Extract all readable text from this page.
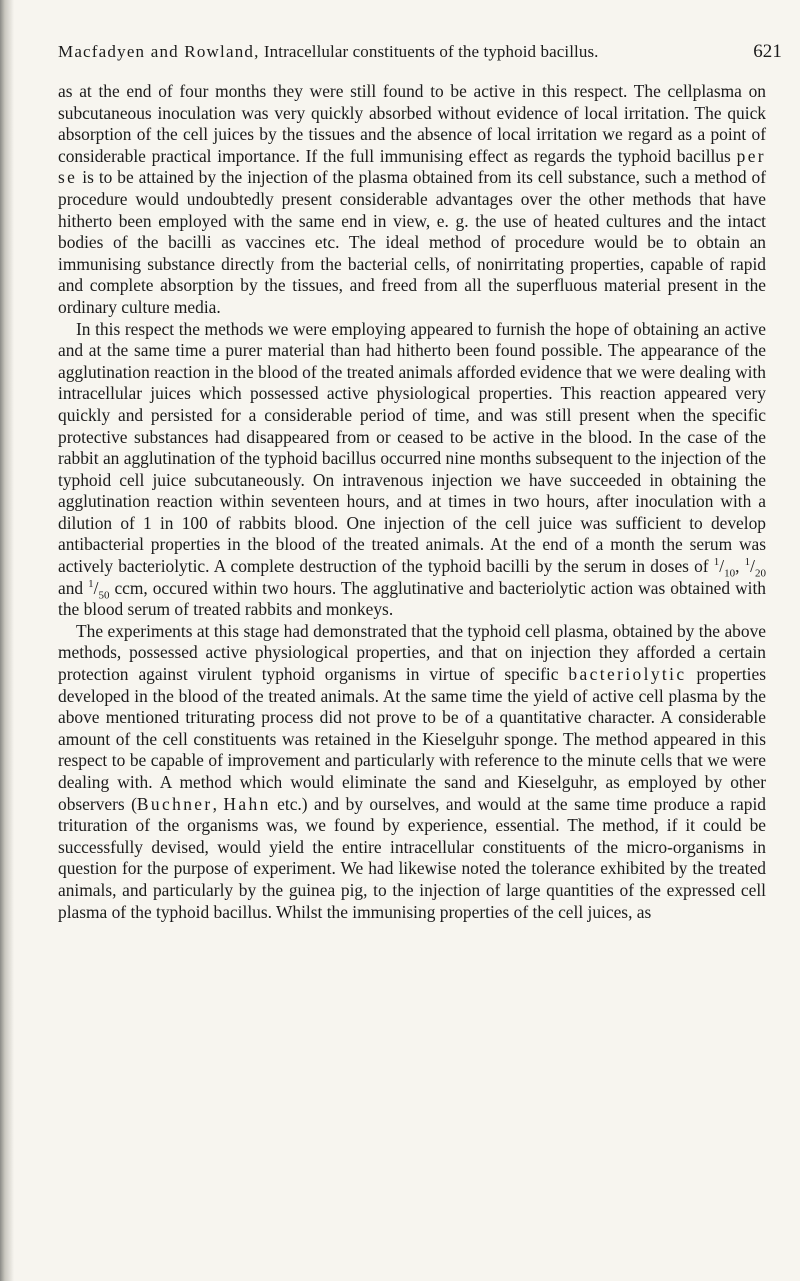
Macfadyen and Rowland, Intracellular constituents of the typhoid bacillus.	621

as at the end of four months they were still found to be active in this respect. The cellplasma on subcutaneous inoculation was very quickly absorbed without evidence of local irritation. The quick absorption of the cell juices by the tissues and the absence of local irritation we regard as a point of considerable practical importance. If the full immunising effect as regards the typhoid bacillus per se is to be attained by the injection of the plasma obtained from its cell substance, such a method of procedure would undoubtedly present considerable advantages over the other methods that have hitherto been employed with the same end in view, e. g. the use of heated cultures and the intact bodies of the bacilli as vaccines etc. The ideal method of procedure would be to obtain an immunising substance directly from the bacterial cells, of nonirritating properties, capable of rapid and complete absorption by the tissues, and freed from all the superfluous material present in the ordinary culture media.

In this respect the methods we were employing appeared to furnish the hope of obtaining an active and at the same time a purer material than had hitherto been found possible. The appearance of the agglutination reaction in the blood of the treated animals afforded evidence that we were dealing with intracellular juices which possessed active physiological properties. This reaction appeared very quickly and persisted for a considerable period of time, and was still present when the specific protective substances had disappeared from or ceased to be active in the blood. In the case of the rabbit an agglutination of the typhoid bacillus occurred nine months subsequent to the injection of the typhoid cell juice subcutaneously. On intravenous injection we have succeeded in obtaining the agglutination reaction within seventeen hours, and at times in two hours, after inoculation with a dilution of 1 in 100 of rabbits blood. One injection of the cell juice was sufficient to develop antibacterial properties in the blood of the treated animals. At the end of a month the serum was actively bacteriolytic. A complete destruction of the typhoid bacilli by the serum in doses of $^1/_{10}$, $^1/_{20}$ and $^1/_{50}$ ccm, occured within two hours. The agglutinative and bacteriolytic action was obtained with the blood serum of treated rabbits and monkeys.

The experiments at this stage had demonstrated that the typhoid cell plasma, obtained by the above methods, possessed active physiological properties, and that on injection they afforded a certain protection against virulent typhoid organisms in virtue of specific bacteriolytic properties developed in the blood of the treated animals. At the same time the yield of active cell plasma by the above mentioned triturating process did not prove to be of a quantitative character. A considerable amount of the cell constituents was retained in the Kieselguhr sponge. The method appeared in this respect to be capable of improvement and particularly with reference to the minute cells that we were dealing with. A method which would eliminate the sand and Kieselguhr, as employed by other observers (Buchner, Hahn etc.) and by ourselves, and would at the same time produce a rapid trituration of the organisms was, we found by experience, essential. The method, if it could be successfully devised, would yield the entire intracellular constituents of the micro-organisms in question for the purpose of experiment. We had likewise noted the tolerance exhibited by the treated animals, and particularly by the guinea pig, to the injection of large quantities of the expressed cell plasma of the typhoid bacillus. Whilst the immunising properties of the cell juices, as
